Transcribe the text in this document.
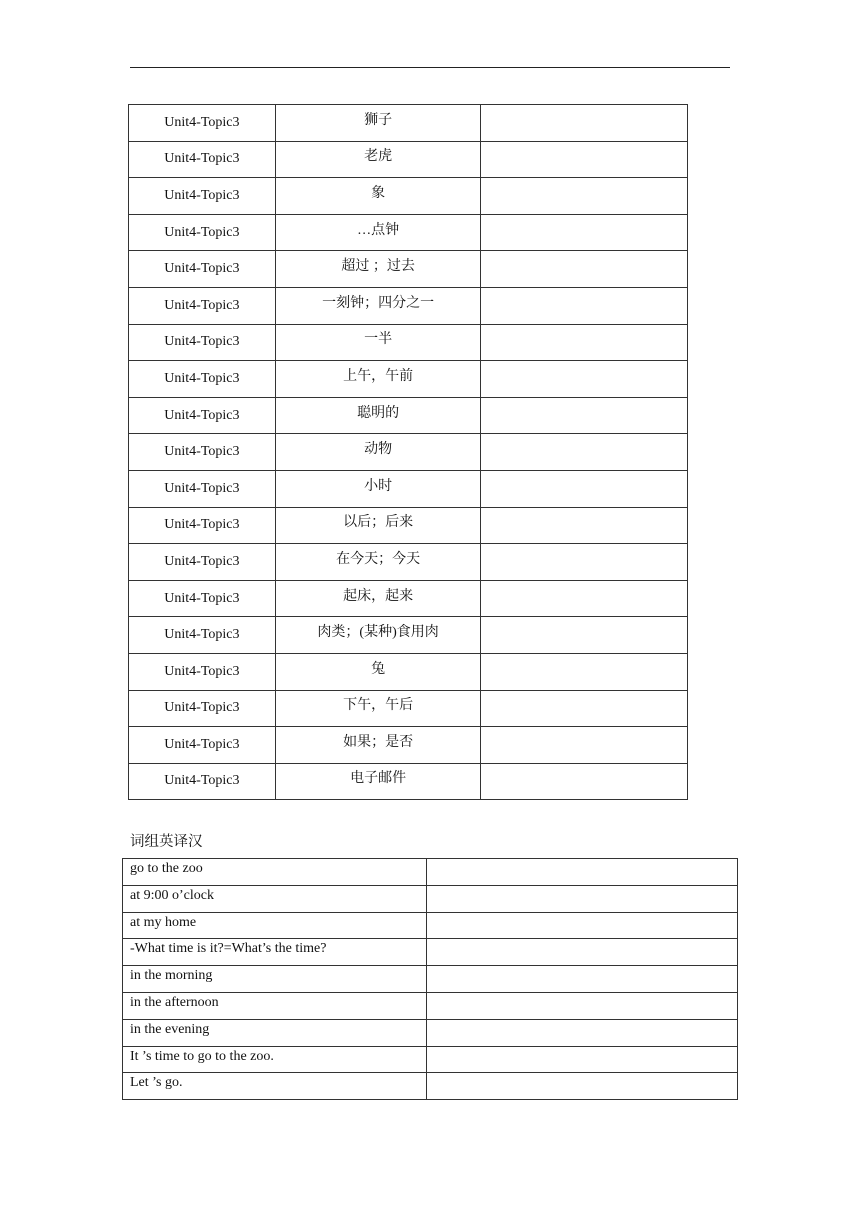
Unit4-Topic3	狮子	
Unit4-Topic3	老虎	
Unit4-Topic3	象	
Unit4-Topic3	…点钟	
Unit4-Topic3	超过 ；过去	
Unit4-Topic3	一刻钟；四分之一	
Unit4-Topic3	一半	
Unit4-Topic3	上午，午前	
Unit4-Topic3	聪明的	
Unit4-Topic3	动物	
Unit4-Topic3	小时	
Unit4-Topic3	以后；后来	
Unit4-Topic3	在今天；今天	
Unit4-Topic3	起床，起来	
Unit4-Topic3	肉类；(某种)食用肉	
Unit4-Topic3	兔	
Unit4-Topic3	下午，午后	
Unit4-Topic3	如果；是否	
Unit4-Topic3	电子邮件	
词组英译汉
go to the zoo	
at 9:00 o’clock	
at my home	
-What time is it?=What’s the time?	
in the morning	
in the afternoon	
in the evening	
It ’s time to go to the zoo.	
Let ’s go.	
